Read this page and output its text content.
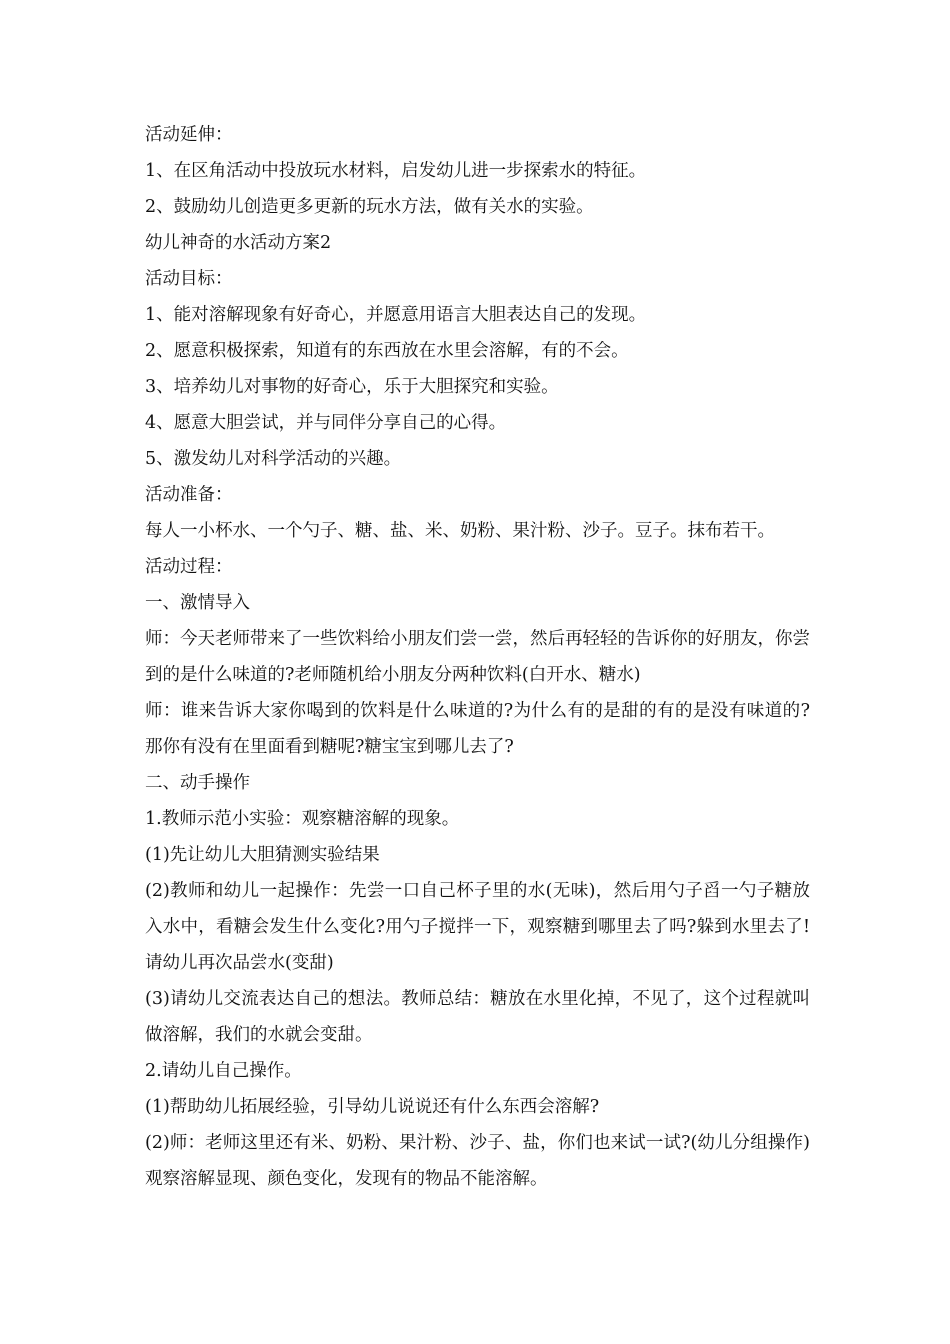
活动延伸：

1、在区角活动中投放玩水材料，启发幼儿进一步探索水的特征。

2、鼓励幼儿创造更多更新的玩水方法，做有关水的实验。

幼儿神奇的水活动方案2

活动目标：

1、能对溶解现象有好奇心，并愿意用语言大胆表达自己的发现。

2、愿意积极探索，知道有的东西放在水里会溶解，有的不会。

3、培养幼儿对事物的好奇心，乐于大胆探究和实验。

4、愿意大胆尝试，并与同伴分享自己的心得。

5、激发幼儿对科学活动的兴趣。

活动准备：

每人一小杯水、一个勺子、糖、盐、米、奶粉、果汁粉、沙子。豆子。抹布若干。

活动过程：

一、激情导入

师：今天老师带来了一些饮料给小朋友们尝一尝，然后再轻轻的告诉你的好朋友，你尝到的是什么味道的?老师随机给小朋友分两种饮料(白开水、糖水)

师：谁来告诉大家你喝到的饮料是什么味道的?为什么有的是甜的有的是没有味道的?那你有没有在里面看到糖呢?糖宝宝到哪儿去了?

二、动手操作

1.教师示范小实验：观察糖溶解的现象。

(1)先让幼儿大胆猜测实验结果

(2)教师和幼儿一起操作：先尝一口自己杯子里的水(无味)，然后用勺子舀一勺子糖放入水中，看糖会发生什么变化?用勺子搅拌一下，观察糖到哪里去了吗?躲到水里去了!请幼儿再次品尝水(变甜)

(3)请幼儿交流表达自己的想法。教师总结：糖放在水里化掉，不见了，这个过程就叫做溶解，我们的水就会变甜。

2.请幼儿自己操作。

(1)帮助幼儿拓展经验，引导幼儿说说还有什么东西会溶解?

(2)师：老师这里还有米、奶粉、果汁粉、沙子、盐，你们也来试一试?(幼儿分组操作)观察溶解显现、颜色变化，发现有的物品不能溶解。
